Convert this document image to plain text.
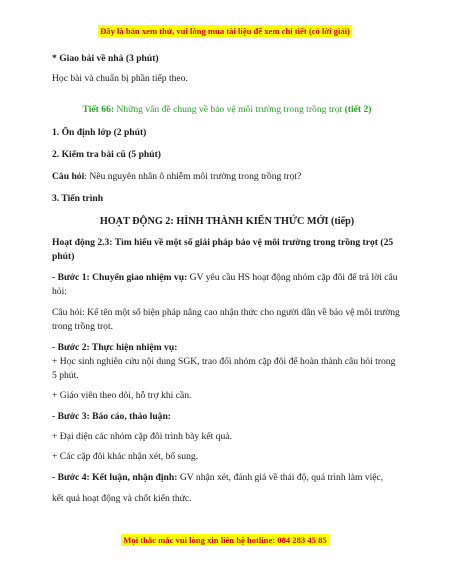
Đây là bản xem thử, vui lòng mua tài liệu để xem chi tiết (có lời giải)

* Giao bài về nhà (3 phút)

Học bài và chuẩn bị phần tiếp theo.

Tiết 66: Những vấn đề chung về bảo vệ môi trường trong trồng trọt (tiết 2)

1. Ổn định lớp (2 phút)

2. Kiểm tra bài cũ (5 phút)

Câu hỏi: Nêu nguyên nhân ô nhiễm môi trường trong trồng trọt?

3. Tiến trình

HOẠT ĐỘNG 2: HÌNH THÀNH KIẾN THỨC MỚI (tiếp)

Hoạt động 2.3: Tìm hiểu về một số giải pháp bảo vệ môi trường trong trồng trọt (25 phút)

- Bước 1: Chuyển giao nhiệm vụ: GV yêu cầu HS hoạt động nhóm cặp đôi để trả lời câu hỏi:

Câu hỏi: Kể tên một số biện pháp nâng cao nhận thức cho người dân về bảo vệ môi trường trong trồng trọt.

- Bước 2: Thực hiện nhiệm vụ:

+ Học sinh nghiên cứu nội dung SGK, trao đổi nhóm cặp đôi để hoàn thành câu hỏi trong 5 phút.

+ Giáo viên theo dõi, hỗ trợ khi cần.

- Bước 3: Báo cáo, thảo luận:

+ Đại diện các nhóm cặp đôi trình bày kết quả.

+ Các cặp đôi khác nhận xét, bổ sung.

- Bước 4: Kết luận, nhận định: GV nhận xét, đánh giá về thái độ, quá trình làm việc,

kết quả hoạt động và chốt kiến thức.

Mọi thắc mắc vui lòng xin liên hệ hotline: 084 283 45 85
